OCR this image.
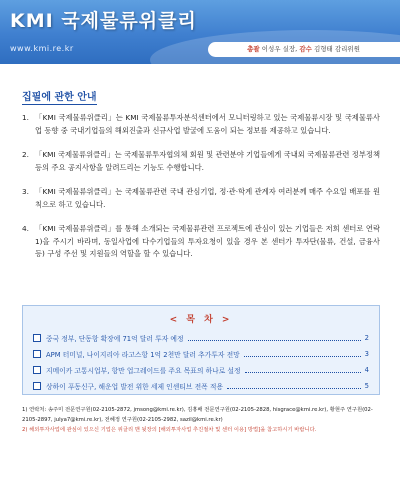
KMI 국제물류위클리
www.kmi.re.kr	총괄 이성우 실장, 감수 김형태 감리위원
집필에 관한 안내
1. 「KMI 국제물류위클리」는 KMI 국제물류투자분석센터에서 모니터링하고 있는 국제물류시장 및 국제물류사업 동향 중 국내기업들의 해외진출과 신규사업 발굴에 도움이 되는 정보를 제공하고 있습니다.
2. 「KMI 국제물류위클리」는 국제물류투자협의체 회원 및 관련분야 기업들에게 국내외 국제물류관련 정부정책 등의 주요 공지사항을 알려드리는 기능도 수행합니다.
3. 「KMI 국제물류위클리」는 국제물류관련 국내 관심기업, 정·관·학계 관계자 여러분께 매주 수요일 배포를 원칙으로 하고 있습니다.
4. 「KMI 국제물류위클리」를 통해 소개되는 국제물류관련 프로젝트에 관심이 있는 기업들은 저희 센터로 연락1)을 주시기 바라며, 동일사업에 다수기업들의 투자요청이 있을 경우 본 센터가 투자단(물류, 건설, 금융사 등) 구성 주선 및 지원들의 역할을 할 수 있습니다.
< 목 차 >
중국 정부, 단동항 확장에 71억 달러 투자 예정	2
APM 터미널, 나이지리아 라고스항 1억 2천만 달러 추가투자 전망	3
지메이카 고통시업부, 항만 업그레이드를 주요 목표의 하나로 설정	4
상하이 푸동신구, 해운업 발전 위한 세제 인센티브 전폭 적용	5
1) 연락처: 송주미 전문연구원(02-2105-2872, jmsong@kmi.re.kr), 김홍배 전문연구원(02-2105-2828, hisgrace@kmi.re.kr), 황현주 연구원(02-2105-2897, julya7@kmi.re.kr), 전혜정 연구원(02-2105-2982, sazil@kmi.re.kr)
2) 해외투자사업에 관심이 있으신 기업은 위클리 맨 뒷장의 [해외투자사업 추진절차 및 센터 이용] 방법]을 참고하시기 바랍니다.
